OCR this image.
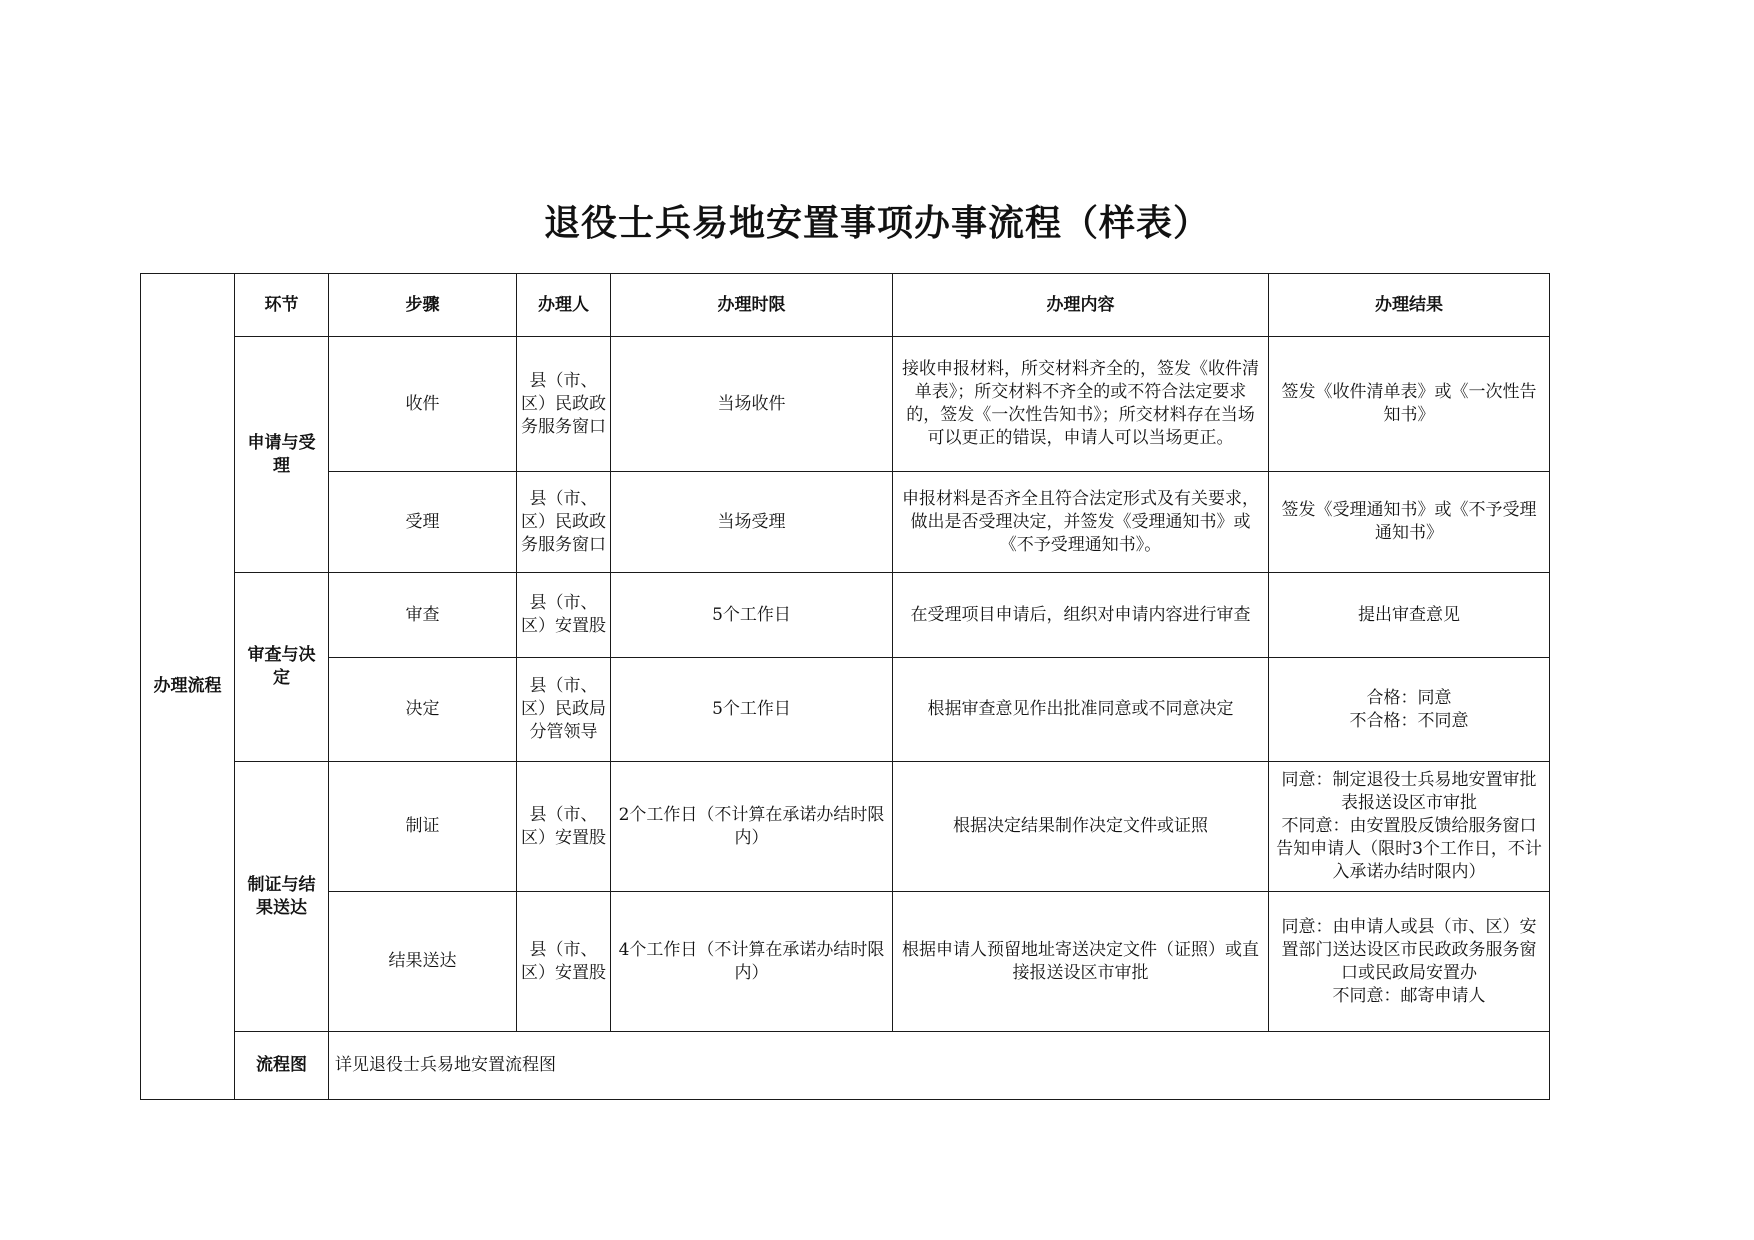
退役士兵易地安置事项办事流程（样表）
办理流程	环节	步骤	办理人	办理时限	办理内容	办理结果
	申请与受理	收件	县（市、区）民政政务服务窗口	当场收件	接收申报材料，所交材料齐全的，签发《收件清单表》；所交材料不齐全的或不符合法定要求的，签发《一次性告知书》；所交材料存在当场可以更正的错误，申请人可以当场更正。	签发《收件清单表》或《一次性告知书》
		受理	县（市、区）民政政务服务窗口	当场受理	申报材料是否齐全且符合法定形式及有关要求，做出是否受理决定，并签发《受理通知书》或《不予受理通知书》。	签发《受理通知书》或《不予受理通知书》
	审查与决定	审查	县（市、区）安置股	5个工作日	在受理项目申请后，组织对申请内容进行审查	提出审查意见
		决定	县（市、区）民政局分管领导	5个工作日	根据审查意见作出批准同意或不同意决定	合格：同意
不合格：不同意

	制证与结果送达	制证	县（市、区）安置股	2个工作日（不计算在承诺办结时限内）	根据决定结果制作决定文件或证照	同意：制定退役士兵易地安置审批表报送设区市审批
不同意：由安置股反馈给服务窗口告知申请人（限时3个工作日，不计入承诺办结时限内）

		结果送达	县（市、区）安置股	4个工作日（不计算在承诺办结时限内）	根据申请人预留地址寄送决定文件（证照）或直接报送设区市审批	同意：由申请人或县（市、区）安置部门送达设区市民政政务服务窗口或民政局安置办
不同意：邮寄申请人

	流程图	详见退役士兵易地安置流程图				
